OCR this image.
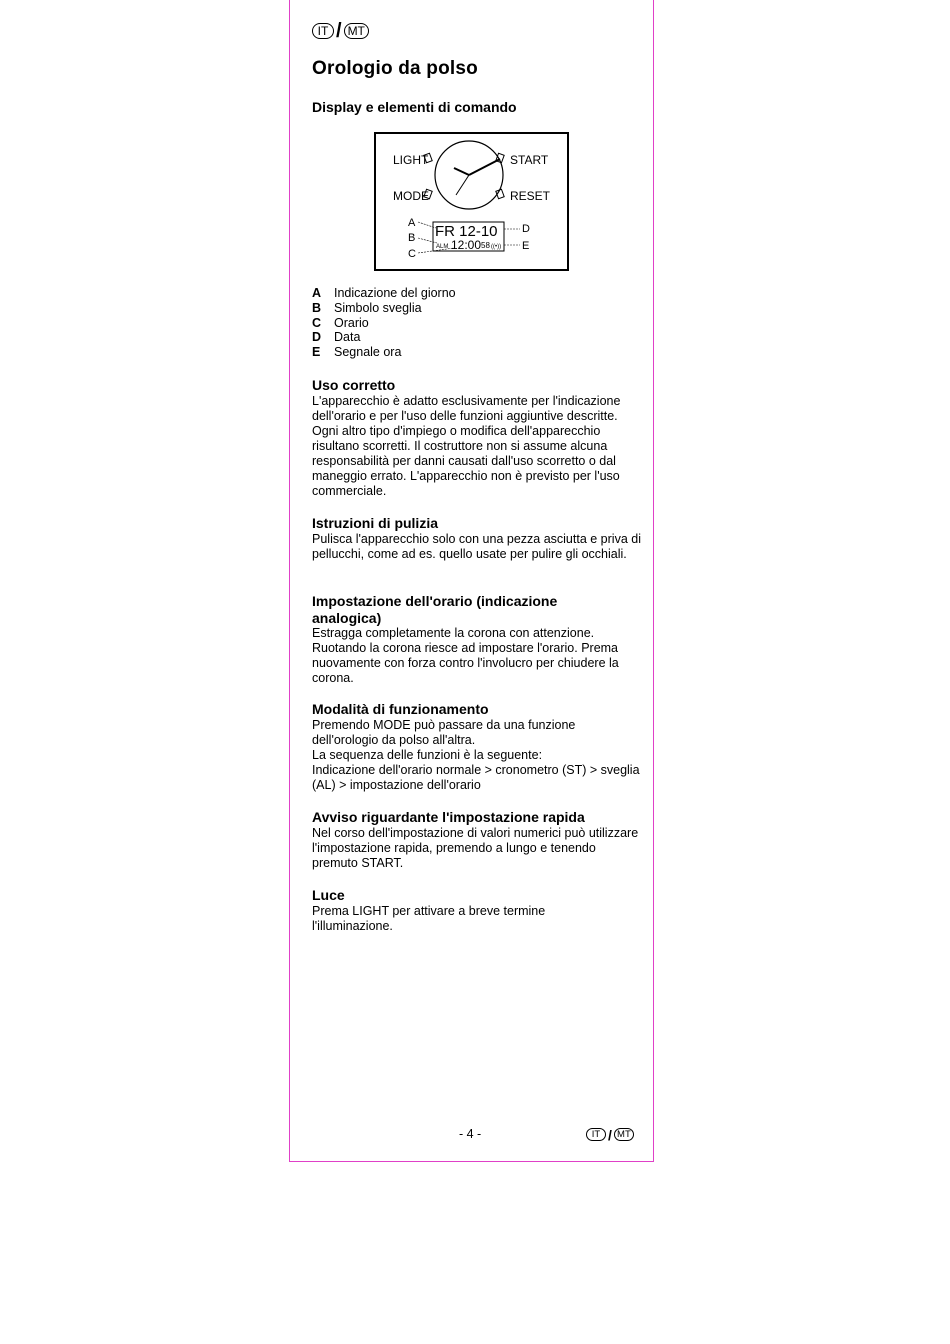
IT / MT
Orologio da polso
Display e elementi di comando
LIGHT	START
MODE	RESET
FR 12-10
ALM 12:00 58 ((•))
A
B
C
D
E
A	Indicazione del giorno
B	Simbolo sveglia
C	Orario
D	Data
E	Segnale ora
Uso corretto

L'apparecchio è adatto esclusivamente per l'indicazione dell'orario e per l'uso delle funzioni aggiuntive descritte. Ogni altro tipo d'impiego o modifica dell'apparecchio risultano scorretti. Il costruttore non si assume alcuna responsabilità per danni causati dall'uso scorretto o dal maneggio errato. L'apparecchio non è previsto per l'uso commerciale.

Istruzioni di pulizia

Pulisca l'apparecchio solo con una pezza asciutta e priva di pellucchi, come ad es. quello usate per pulire gli occhiali.

Impostazione dell'orario (indicazione analogica)

Estragga completamente la corona con attenzione. Ruotando la corona riesce ad impostare l'orario. Prema nuovamente con forza contro l'involucro per chiudere la corona.

Modalità di funzionamento

Premendo MODE può passare da una funzione dell'orologio da polso all'altra.

La sequenza delle funzioni è la seguente:

Indicazione dell'orario normale > cronometro (ST) > sveglia (AL) > impostazione dell'orario

Avviso riguardante l'impostazione rapida

Nel corso dell'impostazione di valori numerici può utilizzare l'impostazione rapida, premendo a lungo e tenendo premuto START.

Luce

Prema LIGHT per attivare a breve termine l'illuminazione.

- 4 -	IT / MT
